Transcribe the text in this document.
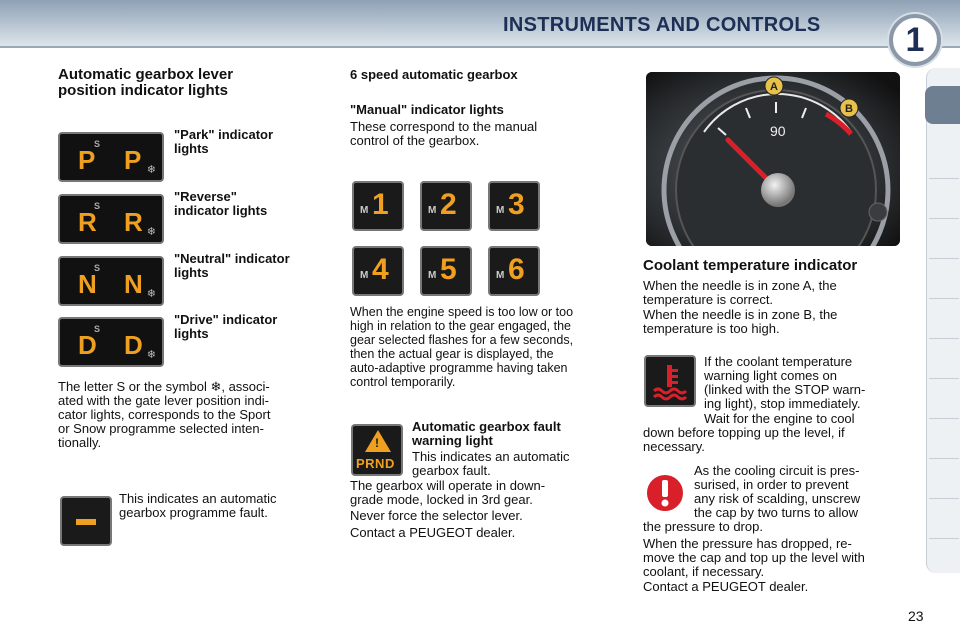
INSTRUMENTS AND CONTROLS	1
Automatic gearbox lever
position indicator lights
S
P P ❄
"Park" indicator
lights
S
R R ❄
"Reverse"
indicator lights
S
N N ❄
"Neutral" indicator
lights
S
D D ❄
"Drive" indicator
lights
The letter S or the symbol ❄, associ-
ated with the gate lever position indi-
cator lights, corresponds to the Sport
or Snow programme selected inten-
tionally.
This indicates an automatic
gearbox programme fault.
6 speed automatic gearbox
"Manual" indicator lights
These correspond to the manual
control of the gearbox.
M 1	M 2	M 3
M 4	M 5	M 6
When the engine speed is too low or too
high in relation to the gear engaged, the
gear selected flashes for a few seconds,
then the actual gear is displayed, the
auto-adaptive programme having taken
control temporarily.
!
PRND
Automatic gearbox fault
warning light
This indicates an automatic
gearbox fault.
The gearbox will operate in down-
grade mode, locked in 3rd gear.
Never force the selector lever.
Contact a PEUGEOT dealer.
90
A
B
Coolant temperature indicator
When the needle is in zone A, the
temperature is correct.
When the needle is in zone B, the
temperature is too high.
If the coolant temperature
warning light comes on
(linked with the STOP warn-
ing light), stop immediately.
Wait for the engine to cool
down before topping up the level, if
necessary.
As the cooling circuit is pres-
surised, in order to prevent
any risk of scalding, unscrew
the cap by two turns to allow
the pressure to drop.
When the pressure has dropped, re-
move the cap and top up the level with
coolant, if necessary.
Contact a PEUGEOT dealer.
23
